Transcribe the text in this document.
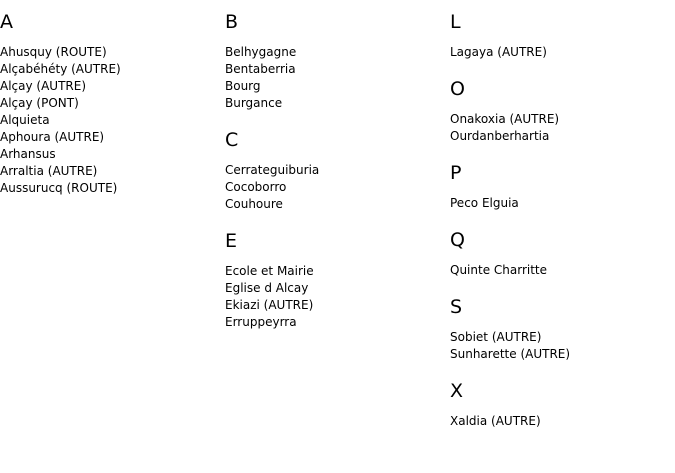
A
Ahusquy (ROUTE)
Alçabéhéty (AUTRE)
Alçay (AUTRE)
Alçay (PONT)
Alquieta
Aphoura (AUTRE)
Arhansus
Arraltia (AUTRE)
Aussurucq (ROUTE)
B
Belhygagne
Bentaberria
Bourg
Burgance
C
Cerrateguiburia
Cocoborro
Couhoure
E
Ecole et Mairie
Eglise d Alcay
Ekiazi (AUTRE)
Erruppeyrra
L
Lagaya (AUTRE)
O
Onakoxia (AUTRE)
Ourdanberhartia
P
Peco Elguia
Q
Quinte Charritte
S
Sobiet (AUTRE)
Sunharette (AUTRE)
X
Xaldia (AUTRE)
